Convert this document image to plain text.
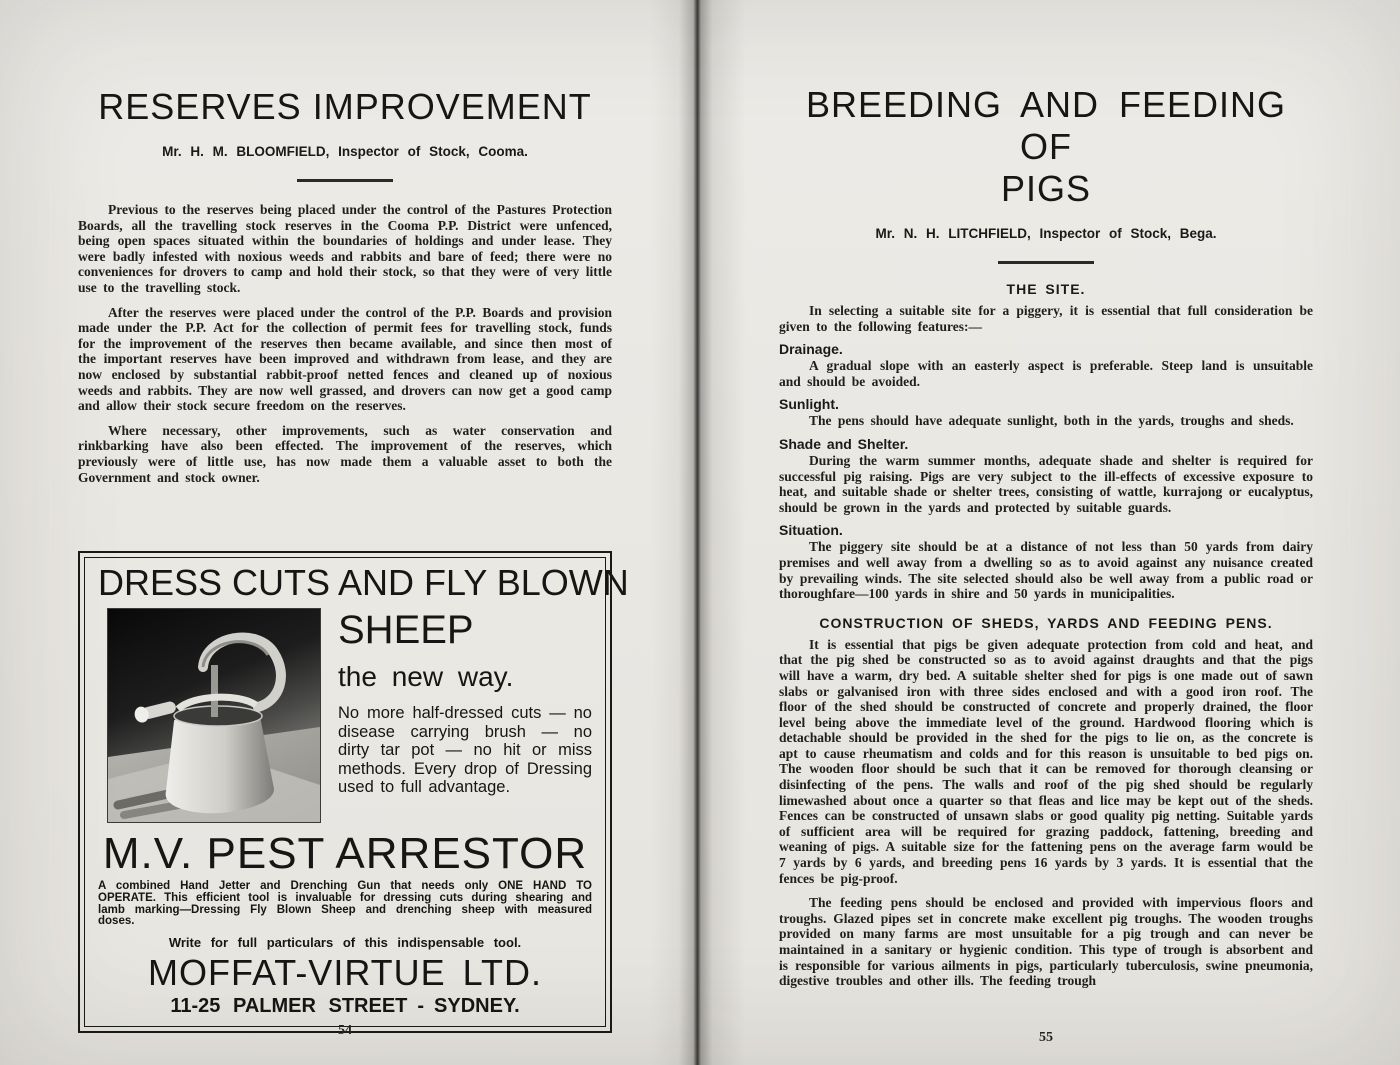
RESERVES IMPROVEMENT
Mr. H. M. BLOOMFIELD, Inspector of Stock, Cooma.

Previous to the reserves being placed under the control of the Pastures Protection Boards, all the travelling stock reserves in the Cooma P.P. District were unfenced, being open spaces situated within the boundaries of holdings and under lease. They were badly infested with noxious weeds and rabbits and bare of feed; there were no conveniences for drovers to camp and hold their stock, so that they were of very little use to the travelling stock.

After the reserves were placed under the control of the P.P. Boards and provision made under the P.P. Act for the collection of permit fees for travelling stock, funds for the improvement of the reserves then became available, and since then most of the important reserves have been improved and withdrawn from lease, and they are now enclosed by substantial rabbit-proof netted fences and cleaned up of noxious weeds and rabbits. They are now well grassed, and drovers can now get a good camp and allow their stock secure freedom on the reserves.

Where necessary, other improvements, such as water conservation and rinkbarking have also been effected. The improvement of the reserves, which previously were of little use, has now made them a valuable asset to both the Government and stock owner.

DRESS CUTS AND FLY BLOWN
SHEEP
the new way.
No more half-dressed cuts — no disease carrying brush — no dirty tar pot — no hit or miss methods. Every drop of Dressing used to full advantage.
M.V. PEST ARRESTOR
A combined Hand Jetter and Drenching Gun that needs only ONE HAND TO OPERATE. This efficient tool is invaluable for dressing cuts during shearing and lamb marking—Dressing Fly Blown Sheep and drenching sheep with measured doses.
Write for full particulars of this indispensable tool.
MOFFAT-VIRTUE LTD.
11-25 PALMER STREET - SYDNEY.
54
BREEDING AND FEEDING OF
PIGS
Mr. N. H. LITCHFIELD, Inspector of Stock, Bega.
THE SITE.

In selecting a suitable site for a piggery, it is essential that full consideration be given to the following features:—

Drainage.

A gradual slope with an easterly aspect is preferable. Steep land is unsuitable and should be avoided.

Sunlight.

The pens should have adequate sunlight, both in the yards, troughs and sheds.

Shade and Shelter.

During the warm summer months, adequate shade and shelter is required for successful pig raising. Pigs are very subject to the ill-effects of excessive exposure to heat, and suitable shade or shelter trees, consisting of wattle, kurrajong or eucalyptus, should be grown in the yards and protected by suitable guards.

Situation.

The piggery site should be at a distance of not less than 50 yards from dairy premises and well away from a dwelling so as to avoid against any nuisance created by prevailing winds. The site selected should also be well away from a public road or thoroughfare—100 yards in shire and 50 yards in municipalities.

CONSTRUCTION OF SHEDS, YARDS AND FEEDING PENS.

It is essential that pigs be given adequate protection from cold and heat, and that the pig shed be constructed so as to avoid against draughts and that the pigs will have a warm, dry bed. A suitable shelter shed for pigs is one made out of sawn slabs or galvanised iron with three sides enclosed and with a good iron roof. The floor of the shed should be constructed of concrete and properly drained, the floor level being above the immediate level of the ground. Hardwood flooring which is detachable should be provided in the shed for the pigs to lie on, as the concrete is apt to cause rheumatism and colds and for this reason is unsuitable to bed pigs on. The wooden floor should be such that it can be removed for thorough cleansing or disinfecting of the pens. The walls and roof of the pig shed should be regularly limewashed about once a quarter so that fleas and lice may be kept out of the sheds. Fences can be constructed of unsawn slabs or good quality pig netting. Suitable yards of sufficient area will be required for grazing paddock, fattening, breeding and weaning of pigs. A suitable size for the fattening pens on the average farm would be 7 yards by 6 yards, and breeding pens 16 yards by 3 yards. It is essential that the fences be pig-proof.

The feeding pens should be enclosed and provided with impervious floors and troughs. Glazed pipes set in concrete make excellent pig troughs. The wooden troughs provided on many farms are most unsuitable for a pig trough and can never be maintained in a sanitary or hygienic condition. This type of trough is absorbent and is responsible for various ailments in pigs, particularly tuberculosis, swine pneumonia, digestive troubles and other ills. The feeding trough

55
